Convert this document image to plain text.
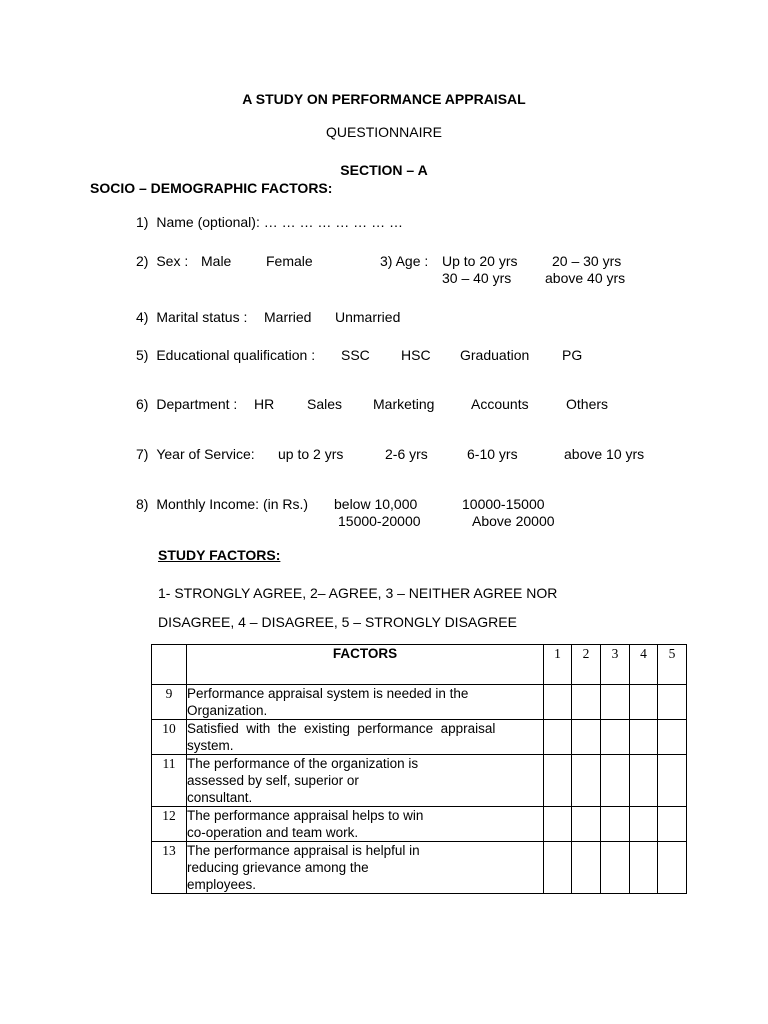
A STUDY ON PERFORMANCE APPRAISAL
QUESTIONNAIRE
SECTION – A
SOCIO – DEMOGRAPHIC FACTORS:
1) Name (optional): … … … … … … … …
2) Sex : Male Female	3) Age : Up to 20 yrs 20 – 30 yrs
30 – 40 yrs above 40 yrs
4) Marital status : Married Unmarried
5) Educational qualification : SSC HSC Graduation PG
6) Department : HR Sales Marketing	Accounts	Others
7) Year of Service:	up to 2 yrs	2-6 yrs	6-10 yrs	above 10 yrs
8) Monthly Income: (in Rs.) below 10,000	10000-15000
15000-20000	Above 20000
STUDY FACTORS:
1- STRONGLY AGREE, 2– AGREE, 3 – NEITHER AGREE NOR
DISAGREE, 4 – DISAGREE, 5 – STRONGLY DISAGREE
	FACTORS	1	2	3	4	5
9	Performance appraisal system is needed in the
Organization.					

10	Satisfied  with  the  existing  performance  appraisal
system.					

11	The performance of the organization is
assessed by self, superior or
consultant.					

12	The performance appraisal helps to win
co-operation and team work.					

13	The performance appraisal is helpful in
reducing grievance among the
employees.					
